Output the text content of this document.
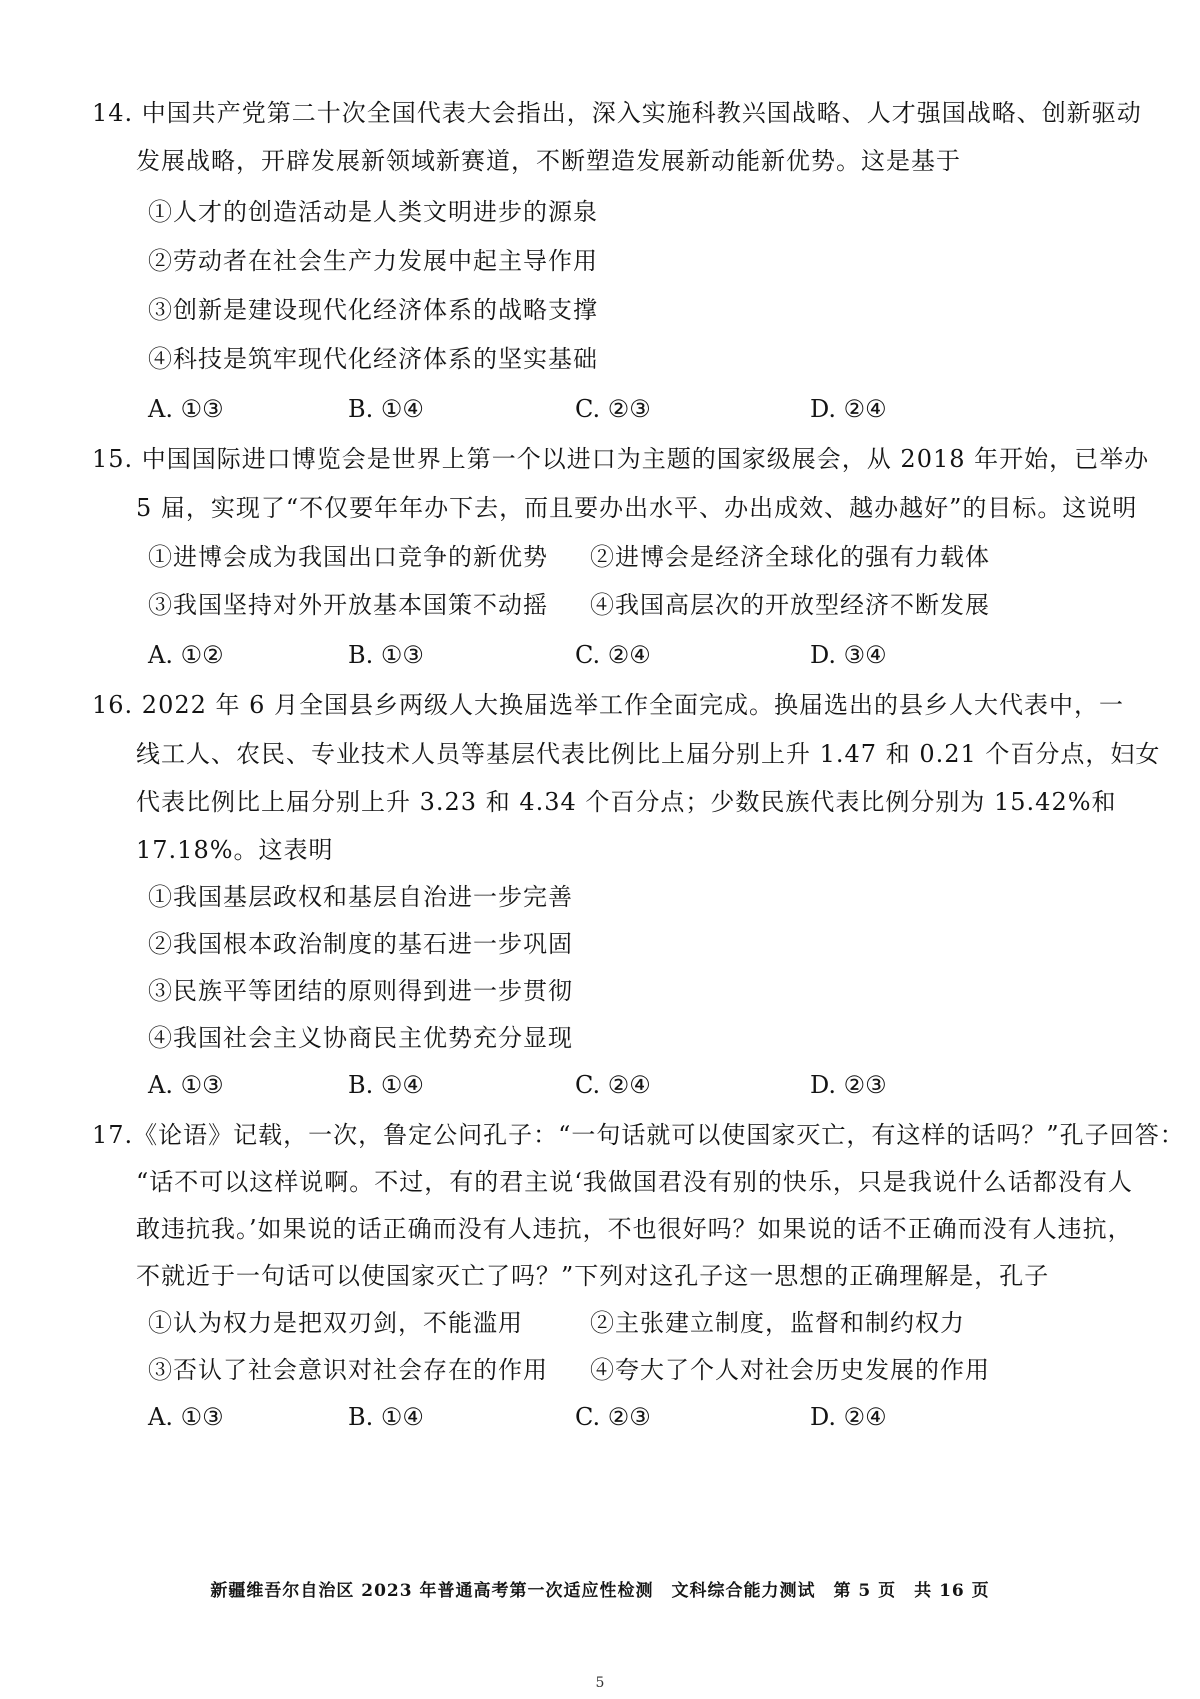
14. 中国共产党第二十次全国代表大会指出，深入实施科教兴国战略、人才强国战略、创新驱动
发展战略，开辟发展新领域新赛道，不断塑造发展新动能新优势。这是基于
①人才的创造活动是人类文明进步的源泉
②劳动者在社会生产力发展中起主导作用
③创新是建设现代化经济体系的战略支撑
④科技是筑牢现代化经济体系的坚实基础
A. ①③	B. ①④	C. ②③	D. ②④
15. 中国国际进口博览会是世界上第一个以进口为主题的国家级展会，从 2018 年开始，已举办
5 届，实现了“不仅要年年办下去，而且要办出水平、办出成效、越办越好”的目标。这说明
①进博会成为我国出口竞争的新优势 ②进博会是经济全球化的强有力载体
③我国坚持对外开放基本国策不动摇 ④我国高层次的开放型经济不断发展
A. ①②	B. ①③	C. ②④	D. ③④
16. 2022 年 6 月全国县乡两级人大换届选举工作全面完成。换届选出的县乡人大代表中，一
线工人、农民、专业技术人员等基层代表比例比上届分别上升 1.47 和 0.21 个百分点，妇女
代表比例比上届分别上升 3.23 和 4.34 个百分点；少数民族代表比例分别为 15.42%和
17.18%。这表明
①我国基层政权和基层自治进一步完善
②我国根本政治制度的基石进一步巩固
③民族平等团结的原则得到进一步贯彻
④我国社会主义协商民主优势充分显现
A. ①③	B. ①④	C. ②④	D. ②③
17.《论语》记载，一次，鲁定公问孔子：“一句话就可以使国家灭亡，有这样的话吗？”孔子回答：
“话不可以这样说啊。不过，有的君主说‘我做国君没有别的快乐，只是我说什么话都没有人
敢违抗我。’如果说的话正确而没有人违抗，不也很好吗？如果说的话不正确而没有人违抗，
不就近于一句话可以使国家灭亡了吗？”下列对这孔子这一思想的正确理解是，孔子
①认为权力是把双刃剑，不能滥用	②主张建立制度，监督和制约权力
③否认了社会意识对社会存在的作用 ④夸大了个人对社会历史发展的作用
A. ①③	B. ①④	C. ②③	D. ②④
新疆维吾尔自治区 2023 年普通高考第一次适应性检测　文科综合能力测试　第 5 页　共 16 页
5
